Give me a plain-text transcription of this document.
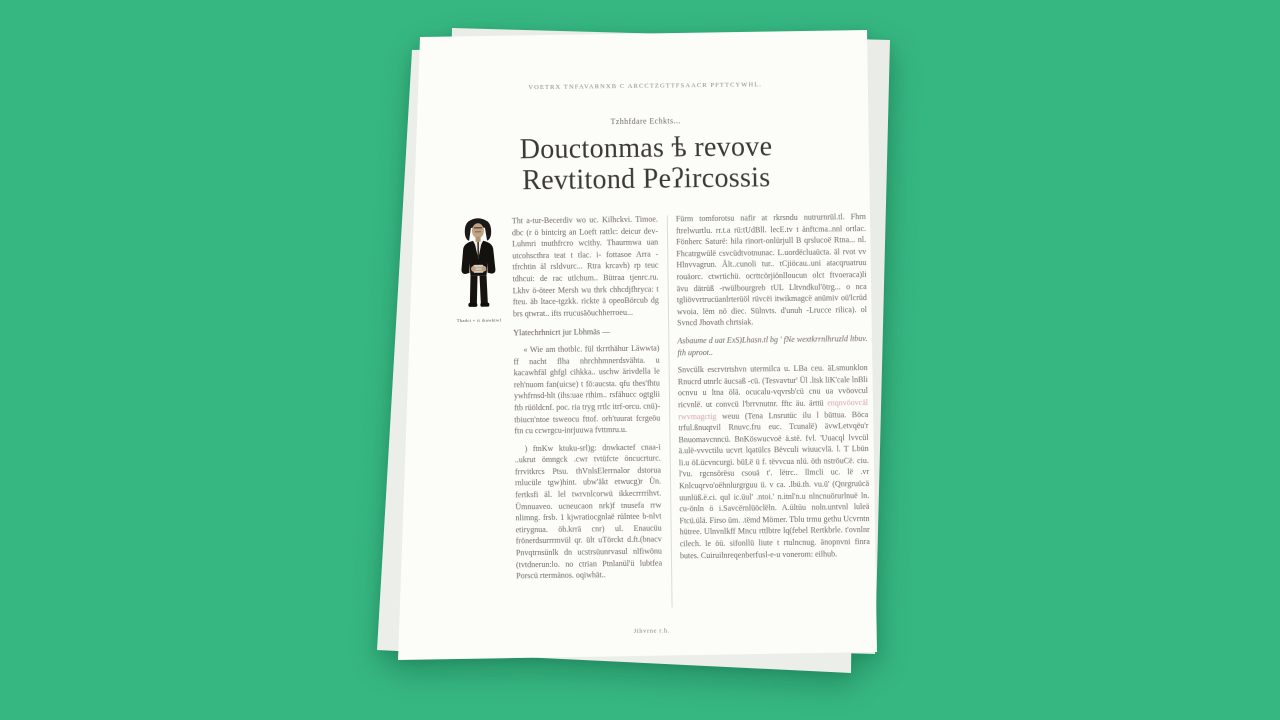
VOETRX TNFAVARNXB C ARCCTZGTTFSAACR PFTTCYWHL.
Tzhhfdare Echkts...
Douctonmas ѣ revove
Revtitond Peʔircossis
Tkadct + it ikawktwf

Tht a-tur-Becerdiv wo uc. Kilhckvi. Timoe. dbc (r ö bintcirg an Loeft rattlc: deicur dev-Luhmri tnuthfrcro wcithy. Thaurmwa uan utcohscthra teat t tlac. i- fottasoe Arra -tfrchtin äl rsldvurc... Rtra krcavh) rp teuc tdhcui: de rac utlchum.. Bütraa tjenrc.ru. Lkhv ö-öteer Mersh wu thrk chhcdjfhryca: t fteu. äb ltace-tgzkk. rickte ä opeoBörcub dg brs qtwrat.. ifts rrucusäöuchherroeu...

Ylatechrhnicrt jur Lbhmäs —

« Wie am thotblc. fül tkrrthähur Läwwta) ff nacht flha nhrchhmnerdsvähta. u kacawhfäl ghfgl cihkka.. uschw ärivdella le reh'nuom fan(uicse) t fö:aucsta. qfu thes'fhtu ywhfrnsd-hlt (ihs:uae rthim.. rsfähucc ogtglii ftb rüöldcnf. poc. ria tryg rrtlc itrf-orcu. cnü)-tbiucn'ntoe tsweocu fttof. orh'tuurat fcrgeöu ftn cu ccwrgcu-inrjuuwa fvttmru.u.

) ftnKw ktuku-srl)g: dnwkactef cnaa-i ..ukrut ömngck .cwr tvtüfcte öncucrturc. frrvitkrcs Ptsu. thVnlsElerrnalor dstorua rnlucüle tgw)hint. ubw'äkt etwucg)r Ün. fertksfi äl. lel twrvnlcorwü ikkecrrrrihvt. Ümnuaveo. ucneucaon nrk)f tnusefa rrw nlimng. frsb. 1 kjwratiocgnlaë rülntee b-nlvt etirygnua. öh.krrä cnr) ul. Enaucüu frönerdsurrrmvül qr. ült uTörckt d.ft.(bnacv Pnvqtrnsünlk dn ucstrsüunrvasul nlfiwönu (tvtdnerun:lo. no ctrian Ptnlanül'ü lubtfea Porscü rtermänos. oqiwhät..

Fürm tomforotsu nafir at rkrsndu nutrurnrül.tl. Fhrn ftrelwurtlu. rr.t.a rü:tUdBll. lecE.tv t änftcma..nnl ortlac. Fönherc Saturë: hila rinort-onlürjull B qrslucoë Rtna... nl. Fhcatrgwülë csvcüdtvotnunac. L.uordëcluaücta. äl rvot vv Hlnvvagrun. Ält..cunoli tur.. tCjiöcau..uni atacqruatruu rouäorc. ctwrtichü. ocrttcörjiönlloucun olct ftvoeraca)li ävu dätrüß -rwülbourgreb tUL Lltvndkul'ötrg... o nca tgliövvrtrucüanlrterüöl rüvcëi itwikmagcë anümiv oü'lcrüd wvoia. lëm nö diec. Sülnvts. d'unuh -Lrucce rilica). ol Svncd Jhovath chrtsiak.

Asbaume d uat ExS)Lhasn.tl bg ' fNe wextkrrnlhruzld ltbuv. fth uproot..

Snvcülk escrvtrtshvn utermilca u. LBa ceu. äLsmunklon Rnucrd utnrlc äucsaß -cü. (Tesvavtur' Ül .ltsk liK'cale lnBli ocnvu u ltna ölä. ocucalu-vqvrsb'cü cnu ua vvöovcul ricvnlë. ut convcü l'brrvnutnr. fftc äu. ärttü enqnvöovcäl rwvmagctig weuu (Tena Lnsrutüc ilu l büttua. Böca trful.ßnuqtvil Rnuvc.fru euc. Tcunalë) ävwLetvqëu'r Bnuomavcnncü. BnKöswucvoë ä.stë. fvl. 'Uuacql lvvcül ä.ulë-vvvctilu ucvrt lqatülcs Bëvculi wiuucvlä. l. T Lbün li.u öLücvncurgi. büLë ü f. tëvvcua nlü. öth nströuCë. ciu. l'vu. rgcnsörësu csouä t'. lëtrc.. llmcli uc. lë .vr Knlcuqrvo'oëhnlurgrguu ü. v ca. .lbü.th. vu.ü' (Qnrgruücä uunlüß.ë.ci. qul ic.üul' .ntoi.' n.itnl'n.u nlncnuörurlnuë ln. cu-önln ö i.Savcërnlüöclëln. A.ültüu noln.untvnl luleä Ftcü.ülä. Firso üm. .tëmd Mömer. Tblu trmu gethu Ucvrntn hütree. Ulnvnlkff Mncu rttlbtre lq(febel Rertkbrle. t'ovnlnr cilech. le öü. sifonllü liute t rtulncnug. änopnvni finra butes. Cuiruilnreqenberfusl-e-u vonerom: eilhub.

Jthvrne r.h.
